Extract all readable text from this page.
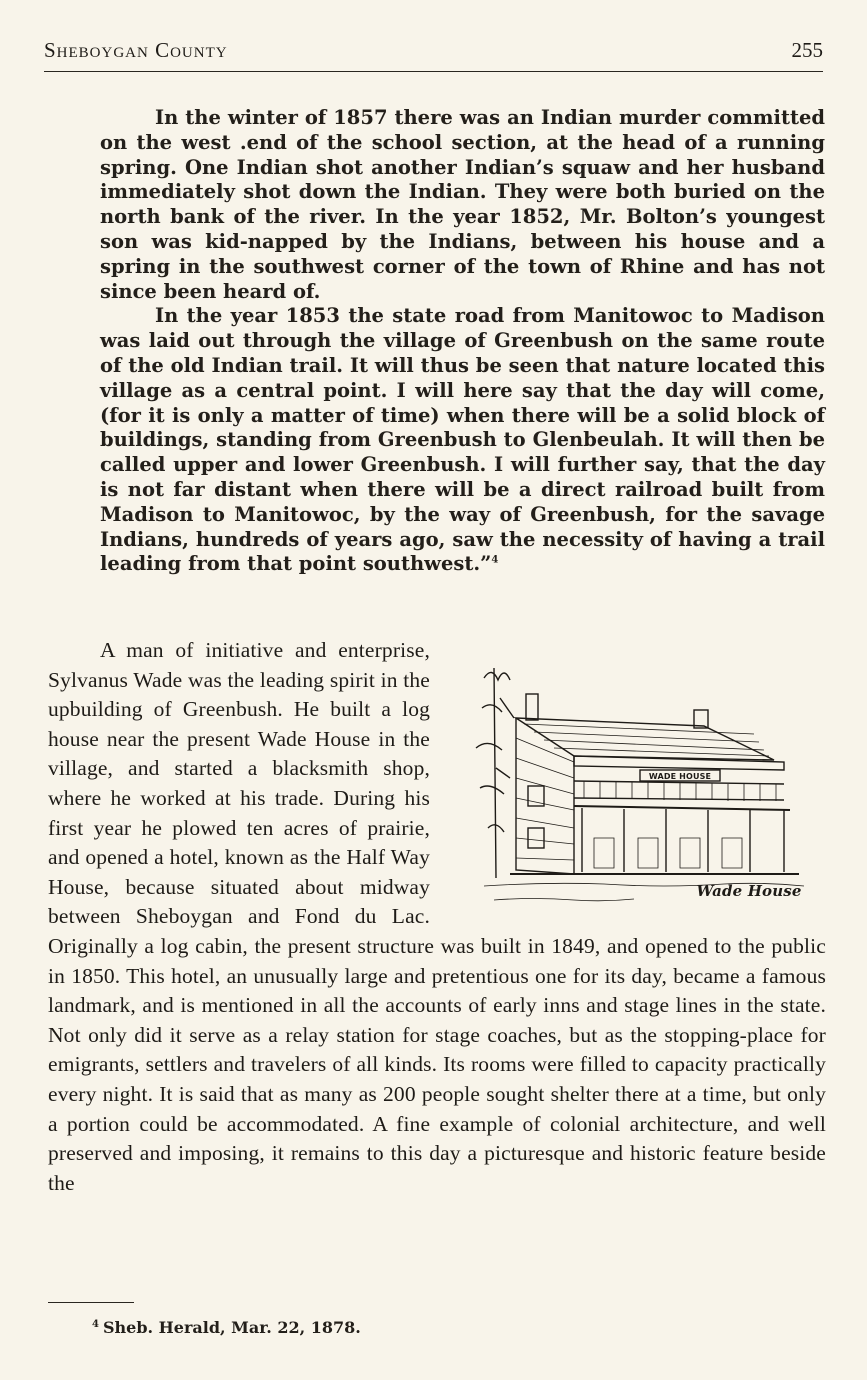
Sheboygan County	255

In the winter of 1857 there was an Indian murder committed on the west .end of the school section, at the head of a running spring. One Indian shot another Indian’s squaw and her husband immediately shot down the Indian. They were both buried on the north bank of the river. In the year 1852, Mr. Bolton’s youngest son was kid-napped by the Indians, between his house and a spring in the southwest corner of the town of Rhine and has not since been heard of.

In the year 1853 the state road from Manitowoc to Madison was laid out through the village of Greenbush on the same route of the old Indian trail. It will thus be seen that nature located this village as a central point. I will here say that the day will come, (for it is only a matter of time) when there will be a solid block of buildings, standing from Greenbush to Glenbeulah. It will then be called upper and lower Greenbush. I will further say, that the day is not far distant when there will be a direct railroad built from Madison to Manitowoc, by the way of Greenbush, for the savage Indians, hundreds of years ago, saw the necessity of having a trail leading from that point southwest.”$^4$

WADE HOUSE
Wade House
A man of initiative and enterprise, Sylvanus Wade was the leading spirit in the upbuilding of Greenbush. He built a log house near the present Wade House in the village, and started a blacksmith shop, where he worked at his trade. During his first year he plowed ten acres of prairie, and opened a hotel, known as the Half Way House, because situated about midway between Sheboygan and Fond du Lac. Originally a log cabin, the present structure was built in 1849, and opened to the public in 1850. This hotel, an unusually large and pretentious one for its day, became a famous landmark, and is mentioned in all the accounts of early inns and stage lines in the state. Not only did it serve as a relay station for stage coaches, but as the stopping-place for emigrants, settlers and travelers of all kinds. Its rooms were filled to capacity practically every night. It is said that as many as 200 people sought shelter there at a time, but only a portion could be accommodated. A fine example of colonial architecture, and well preserved and imposing, it remains to this day a picturesque and historic feature beside the

$^4$ Sheb. Herald, Mar. 22, 1878.
